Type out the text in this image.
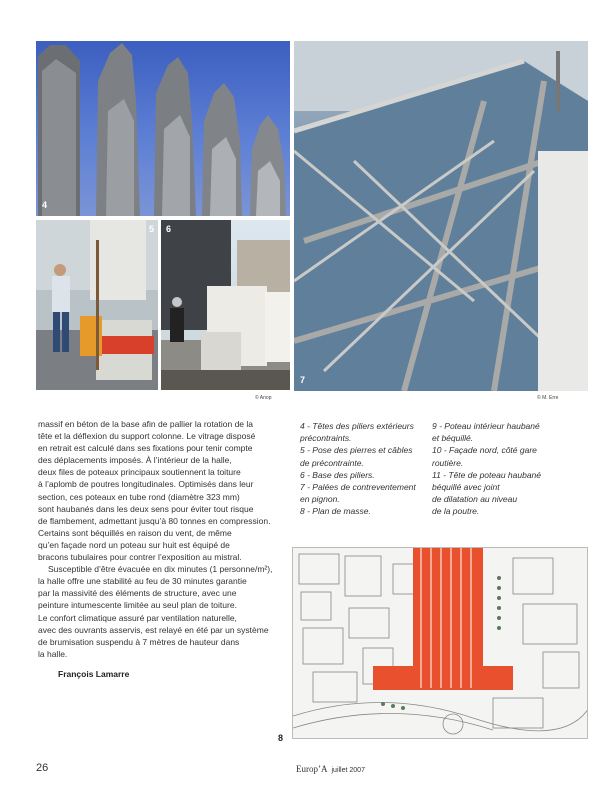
4
5 6
7
© Anop	© M. Erre
massif en béton de la base afin de pallier la rotation de la
tête et la déflexion du support colonne. Le vitrage disposé
en retrait est calculé dans ses fixations pour tenir compte
des déplacements imposés. À l’intérieur de la halle,
deux files de poteaux principaux soutiennent la toiture
à l’aplomb de poutres longitudinales. Optimisés dans leur
section, ces poteaux en tube rond (diamètre 323 mm)
sont haubanés dans les deux sens pour éviter tout risque
de flambement, admettant jusqu’à 80 tonnes en compression.
Certains sont béquillés en raison du vent, de même
qu’en façade nord un poteau sur huit est équipé de
bracons tubulaires pour contrer l’exposition au mistral.
Susceptible d’être évacuée en dix minutes (1 personne/m²),
la halle offre une stabilité au feu de 30 minutes garantie
par la massivité des éléments de structure, avec une
peinture intumescente limitée au seul plan de toiture.
Le confort climatique assuré par ventilation naturelle,
avec des ouvrants asservis, est relayé en été par un système
de brumisation suspendu à 7 mètres de hauteur dans
la halle.
François Lamarre
4 - Têtes des piliers extérieurs
précontraints.
5 - Pose des pierres et câbles
de précontrainte.
6 - Base des piliers.
7 - Palées de contreventement
en pignon.
8 - Plan de masse.
9 - Poteau intérieur haubané
et béquillé.
10 - Façade nord, côté gare
routière.
11 - Tête de poteau haubané
béquillé avec joint
de dilatation au niveau
de la poutre.
8
26	Europ’A juillet 2007
